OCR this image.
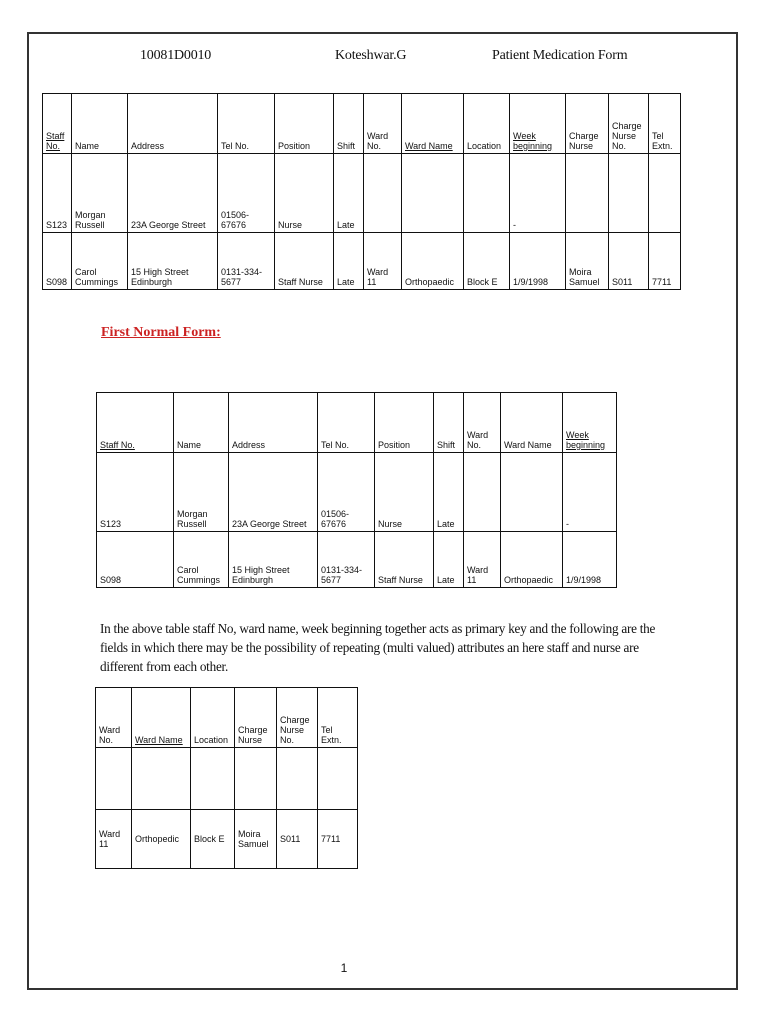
10081D0010	Koteshwar.G	Patient Medication Form
Staff No.	Name	Address	Tel No.	Position	Shift	Ward No.	Ward Name	Location	Week beginning	Charge Nurse	Charge Nurse No.	Tel Extn.
S123	Morgan Russell	23A George Street	01506-67676	Nurse	Late				-			
S098	Carol Cummings	15 High Street Edinburgh	0131-334-5677	Staff Nurse	Late	Ward 11	Orthopaedic	Block E	1/9/1998	Moira Samuel	S011	7711
First Normal Form:
Staff No.	Name	Address	Tel No.	Position	Shift	Ward No.	Ward Name	Week beginning
S123	Morgan Russell	23A George Street	01506-67676	Nurse	Late			-
S098	Carol Cummings	15 High Street Edinburgh	0131-334-5677	Staff Nurse	Late	Ward 11	Orthopaedic	1/9/1998
In the above table staff No, ward name, week beginning together acts as primary key and the following are the fields in which there may be the possibility of repeating (multi valued) attributes an here staff and nurse are different from each other.
Ward No.	Ward Name	Location	Charge Nurse	Charge Nurse No.	Tel Extn.

Ward 11	Orthopedic	Block E	Moira Samuel	S011	7711
1
